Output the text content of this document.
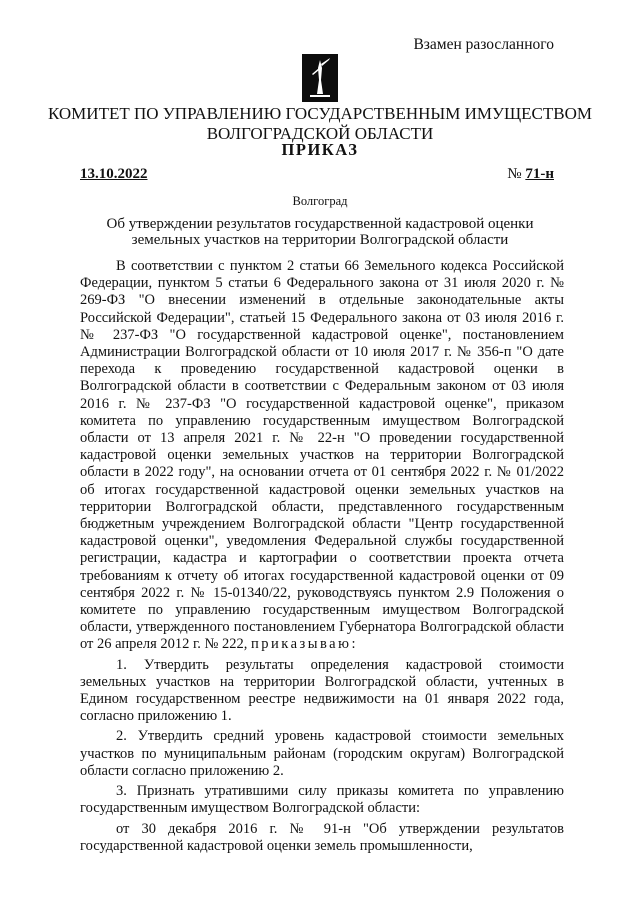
Взамен разосланного
КОМИТЕТ ПО УПРАВЛЕНИЮ ГОСУДАРСТВЕННЫМ ИМУЩЕСТВОМ
ВОЛГОГРАДСКОЙ ОБЛАСТИ
ПРИКАЗ
13.10.2022	№ 71-н
Волгоград
Об утверждении результатов государственной кадастровой оценки
земельных участков на территории Волгоградской области

В соответствии с пунктом 2 статьи 66 Земельного кодекса Российской Федерации, пунктом 5 статьи 6 Федерального закона от 31 июля 2020 г. № 269-ФЗ "О внесении изменений в отдельные законодательные акты Российской Федерации", статьей 15 Федерального закона от 03 июля 2016 г. № 237-ФЗ "О государственной кадастровой оценке", постановлением Администрации Волгоградской области от 10 июля 2017 г. № 356-п "О дате перехода к проведению государственной кадастровой оценки в Волгоградской области в соответствии с Федеральным законом от 03 июля 2016 г. № 237-ФЗ "О государственной кадастровой оценке", приказом комитета по управлению государственным имуществом Волгоградской области от 13 апреля 2021 г. № 22-н "О проведении государственной кадастровой оценки земельных участков на территории Волгоградской области в 2022 году", на основании отчета от 01 сентября 2022 г. № 01/2022 об итогах государственной кадастровой оценки земельных участков на территории Волгоградской области, представленного государственным бюджетным учреждением Волгоградской области "Центр государственной кадастровой оценки", уведомления Федеральной службы государственной регистрации, кадастра и картографии о соответствии проекта отчета требованиям к отчету об итогах государственной кадастровой оценки от 09 сентября 2022 г. № 15-01340/22, руководствуясь пунктом 2.9 Положения о комитете по управлению государственным имуществом Волгоградской области, утвержденного постановлением Губернатора Волгоградской области от 26 апреля 2012 г. № 222, приказываю:

1. Утвердить результаты определения кадастровой стоимости земельных участков на территории Волгоградской области, учтенных в Едином государственном реестре недвижимости на 01 января 2022 года, согласно приложению 1.

2. Утвердить средний уровень кадастровой стоимости земельных участков по муниципальным районам (городским округам) Волгоградской области согласно приложению 2.

3. Признать утратившими силу приказы комитета по управлению государственным имуществом Волгоградской области:

от 30 декабря 2016 г. № 91-н "Об утверждении результатов государственной кадастровой оценки земель промышленности,
